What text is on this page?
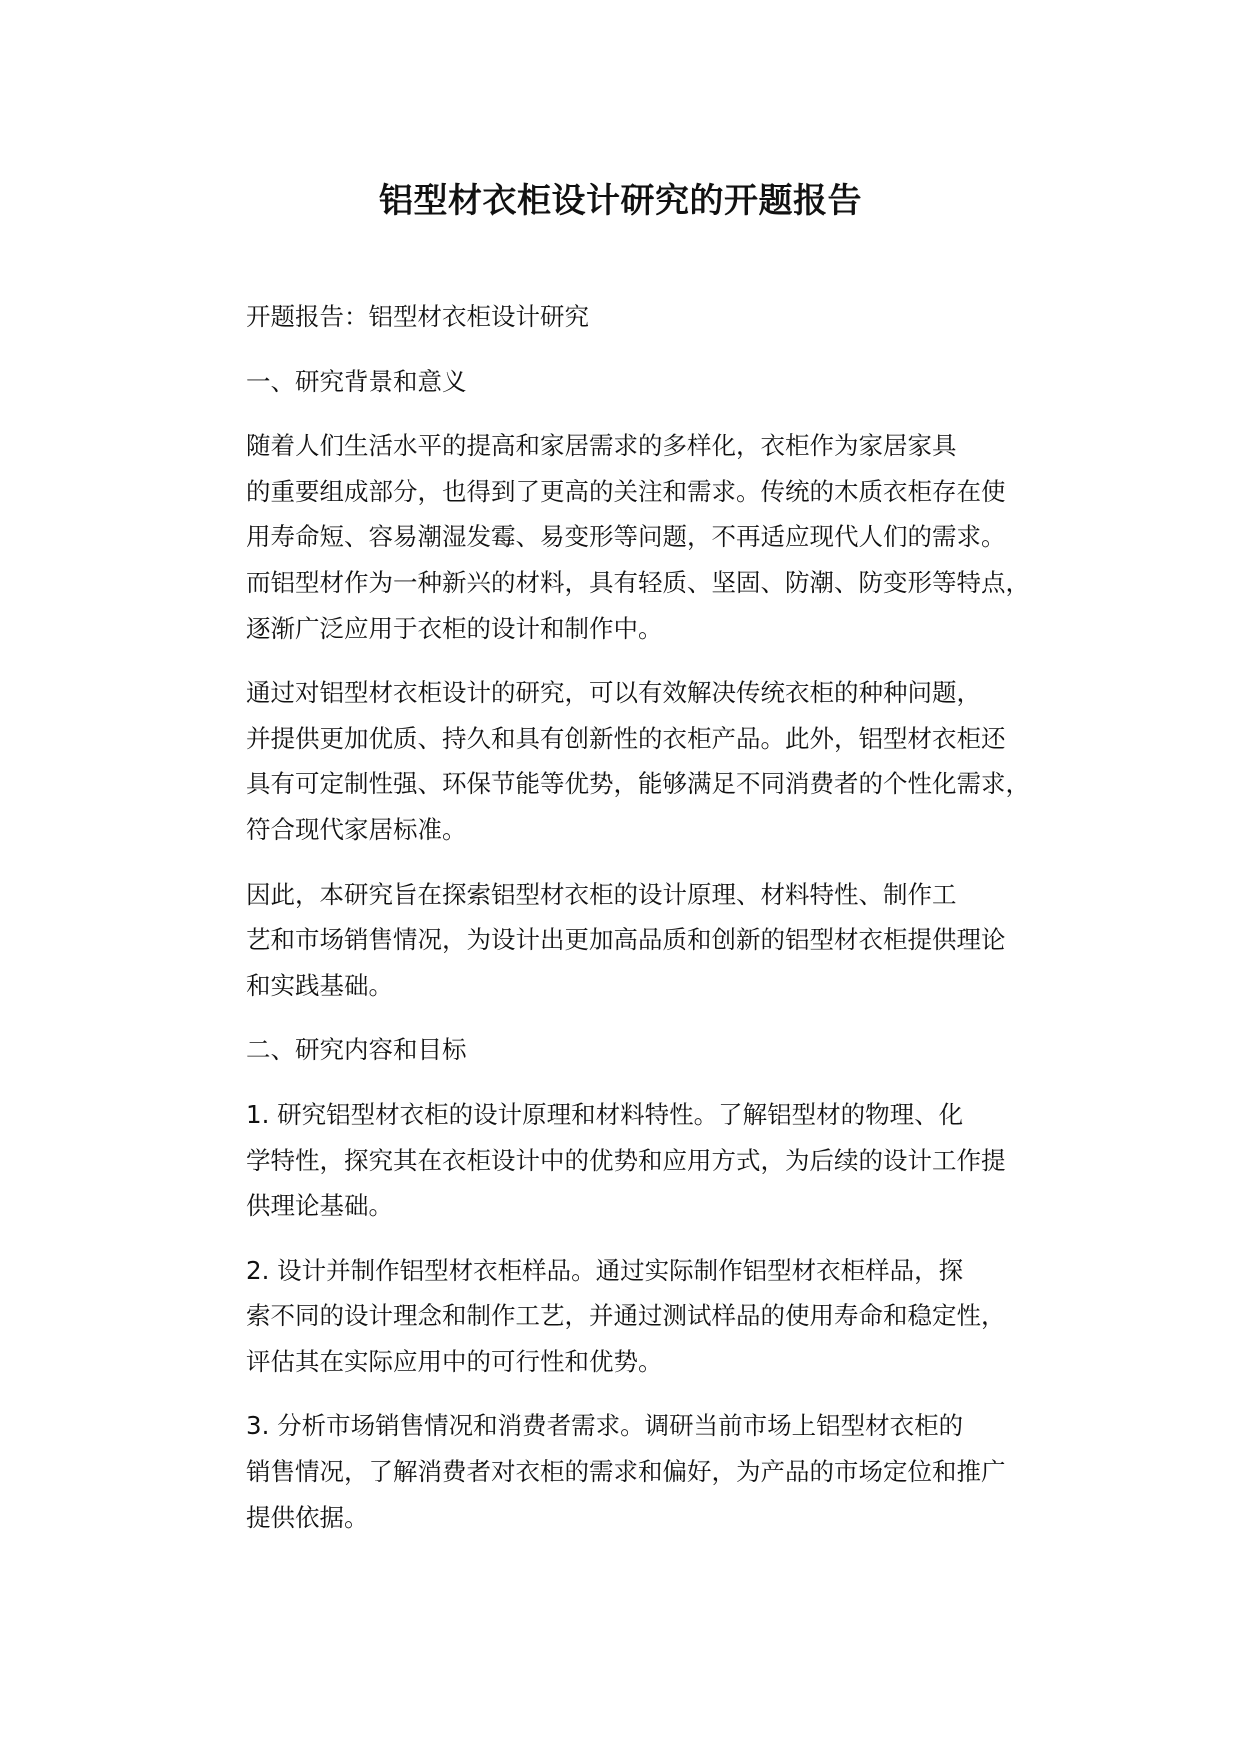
铝型材衣柜设计研究的开题报告

开题报告：铝型材衣柜设计研究

一、研究背景和意义

随着人们生活水平的提高和家居需求的多样化，衣柜作为家居家具
的重要组成部分，也得到了更高的关注和需求。传统的木质衣柜存在使
用寿命短、容易潮湿发霉、易变形等问题，不再适应现代人们的需求。
而铝型材作为一种新兴的材料，具有轻质、坚固、防潮、防变形等特点，
逐渐广泛应用于衣柜的设计和制作中。

通过对铝型材衣柜设计的研究，可以有效解决传统衣柜的种种问题，
并提供更加优质、持久和具有创新性的衣柜产品。此外，铝型材衣柜还
具有可定制性强、环保节能等优势，能够满足不同消费者的个性化需求，
符合现代家居标准。

因此，本研究旨在探索铝型材衣柜的设计原理、材料特性、制作工
艺和市场销售情况，为设计出更加高品质和创新的铝型材衣柜提供理论
和实践基础。

二、研究内容和目标

1. 研究铝型材衣柜的设计原理和材料特性。了解铝型材的物理、化
学特性，探究其在衣柜设计中的优势和应用方式，为后续的设计工作提
供理论基础。

2. 设计并制作铝型材衣柜样品。通过实际制作铝型材衣柜样品，探
索不同的设计理念和制作工艺，并通过测试样品的使用寿命和稳定性，
评估其在实际应用中的可行性和优势。

3. 分析市场销售情况和消费者需求。调研当前市场上铝型材衣柜的
销售情况，了解消费者对衣柜的需求和偏好，为产品的市场定位和推广
提供依据。
